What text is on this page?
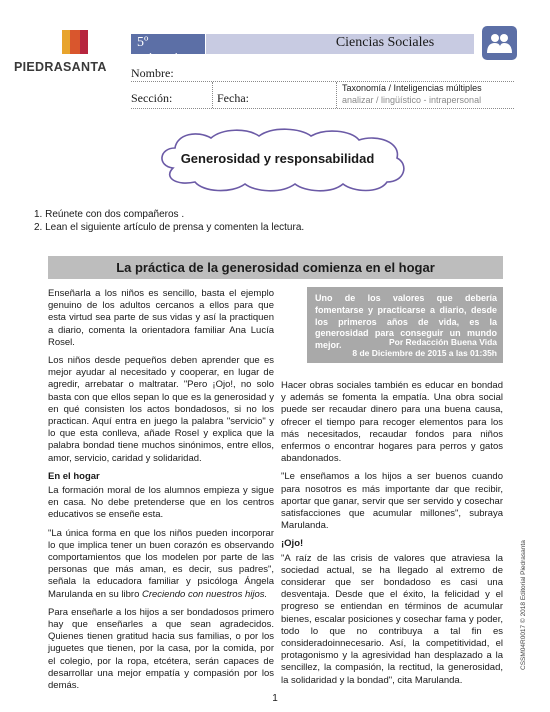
PIEDRASANTA
5º primaria
Ciencias Sociales
Nombre:
Sección:	Fecha:
Taxonomía / Inteligencias múltiples
analizar / lingüístico - intrapersonal
Generosidad y responsabilidad
1. Reúnete con dos compañeros .
2. Lean el siguiente artículo de prensa y comenten la lectura.
La práctica de la generosidad comienza en el hogar

Enseñarla a los niños es sencillo, basta el ejemplo genuino de los adultos cercanos a ellos para que esta virtud sea parte de sus vidas y así la practiquen a diario, comenta la orientadora familiar Ana Lucía Rosel.

Los niños desde pequeños deben aprender que es mejor ayudar al necesitado y cooperar, en lugar de agredir, arrebatar o maltratar. "Pero ¡Ojo!, no solo basta con que ellos sepan lo que es la generosidad y en qué consisten los actos bondadosos, si no los practican. Aquí entra en juego la palabra "servicio" y lo que esta conlleva, añade Rosel y explica que la palabra bondad tiene muchos sinónimos, entre ellos, amor, servicio, caridad y solidaridad.

En el hogar

La formación moral de los alumnos empieza y sigue en casa. No debe pretenderse que en los centros educativos se enseñe esta.

"La única forma en que los niños pueden incorporar lo que implica tener un buen corazón es observando comportamientos que los modelen por parte de las personas que más aman, es decir, sus padres", señala la educadora familiar y psicóloga Ángela Marulanda en su libro Creciendo con nuestros hijos.

Para enseñarle a los hijos a ser bondadosos primero hay que enseñarles a que sean agradecidos. Quienes tienen gratitud hacia sus familias, o por los juguetes que tienen, por la casa, por la comida, por el colegio, por la ropa, etcétera, serán capaces de desarrollar una mejor empatía y compasión por los demás.

Uno de los valores que debería fomentarse y practicarse a diario, desde los primeros años de vida, es la generosidad para conseguir un mundo mejor.	Por Redacción Buena Vida
8 de Diciembre de 2015 a las 01:35h

Hacer obras sociales también es educar en bondad y además se fomenta la empatía. Una obra social puede ser recaudar dinero para una buena causa, ofrecer el tiempo para recoger elementos para los más necesitados, recaudar fondos para niños enfermos o encontrar hogares para perros y gatos abandonados.

"Le enseñamos a los hijos a ser buenos cuando para nosotros es más importante dar que recibir, aportar que ganar, servir que ser servido y cosechar satisfacciones que acumular millones", subraya Marulanda.

¡Ojo!

"A raíz de las crisis de valores que atraviesa la sociedad actual, se ha llegado al extremo de considerar que ser bondadoso es casi una desventaja. Desde que el éxito, la felicidad y el progreso se entiendan en términos de acumular bienes, escalar posiciones y cosechar fama y poder, todo lo que no contribuya a tal fin es consideradoinnecesario. Así, la competitividad, el protagonismo y la agresividad han desplazado a la sencillez, la compasión, la rectitud, la generosidad, la solidaridad y la bondad", cita Marulanda.

CSSM04R0017 © 2018 Editorial Piedrasanta
1
